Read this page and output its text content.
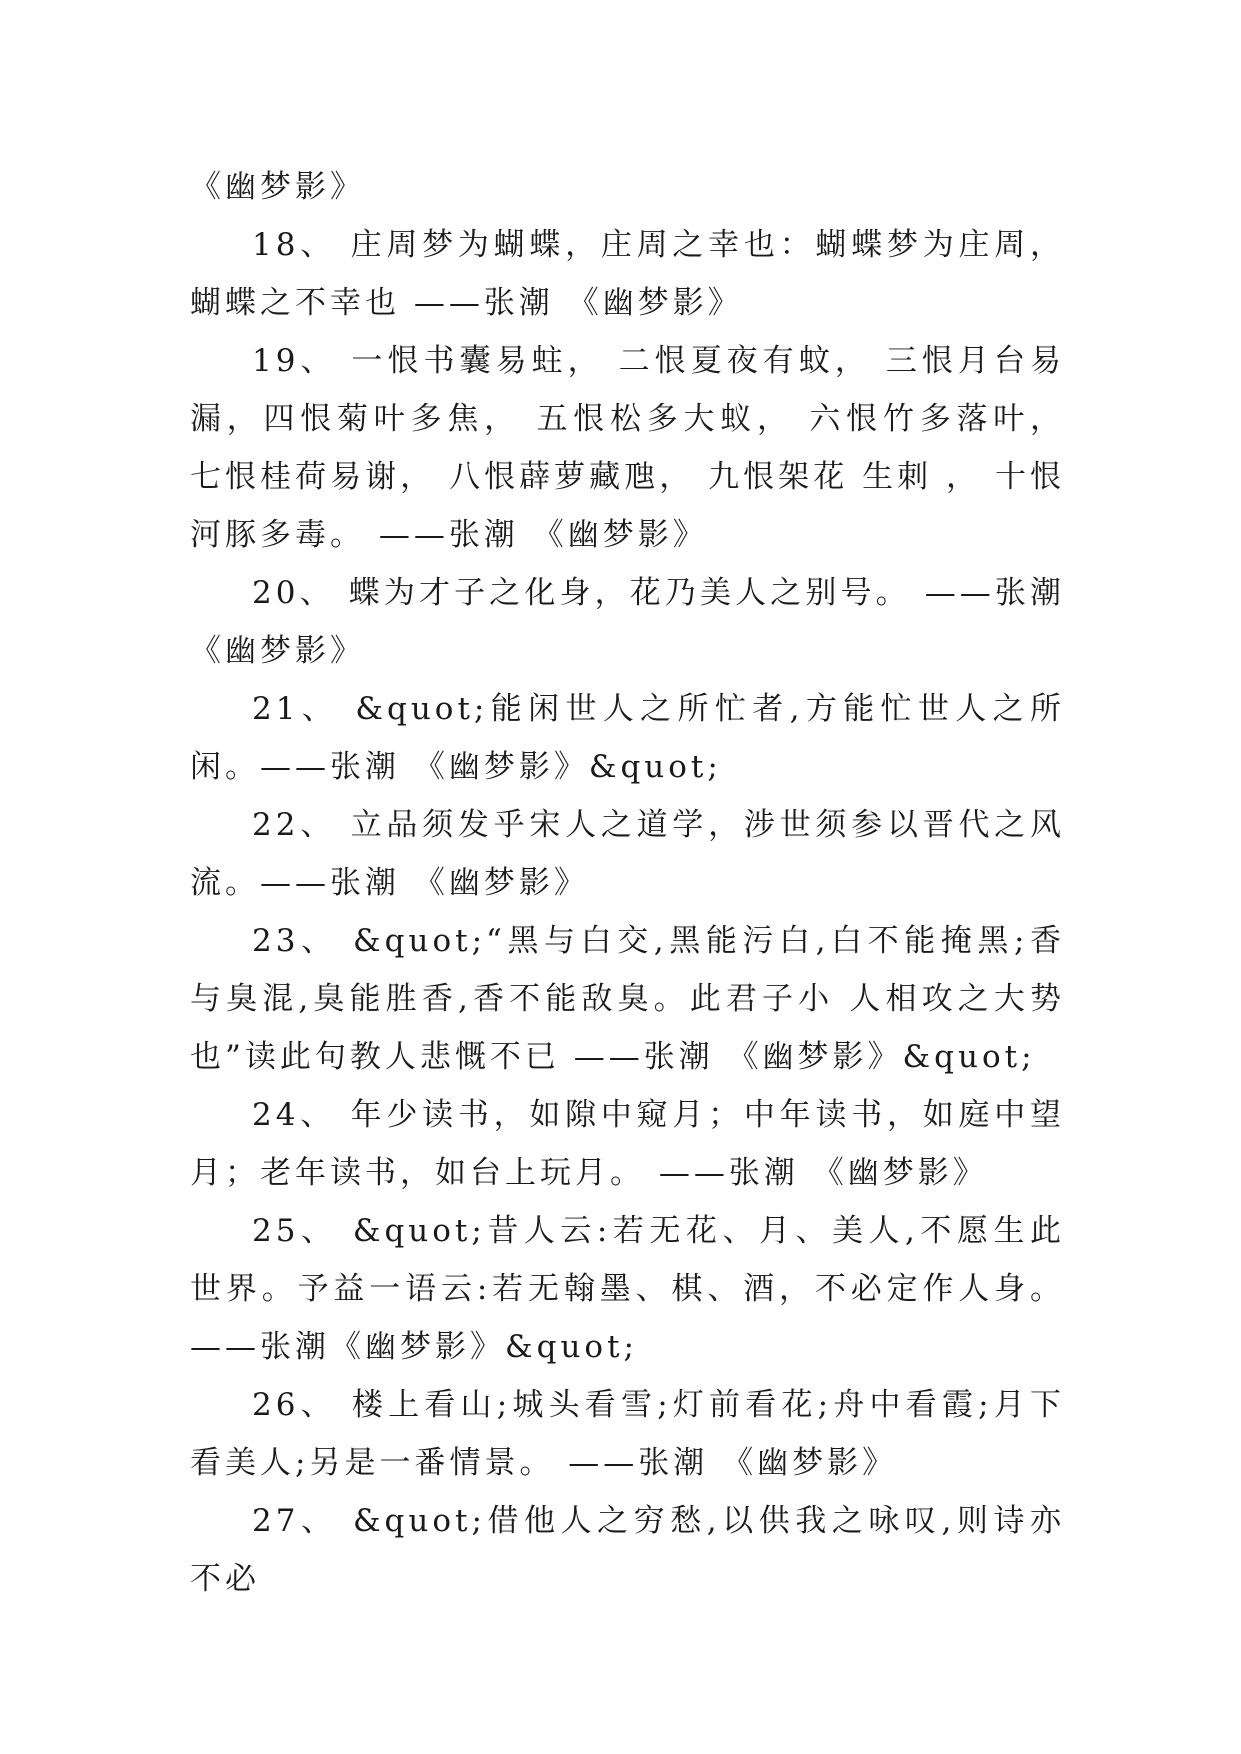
《幽梦影》

18、 庄周梦为蝴蝶，庄周之幸也：蝴蝶梦为庄周，蝴蝶之不幸也 ——张潮 《幽梦影》

19、 一恨书囊易蛀， 二恨夏夜有蚊， 三恨月台易漏，四恨菊叶多焦， 五恨松多大蚁， 六恨竹多落叶， 七恨桂荷易谢， 八恨薜萝藏虺， 九恨架花 生刺 ， 十恨河豚多毒。 ——张潮 《幽梦影》

20、 蝶为才子之化身，花乃美人之别号。 ——张潮《幽梦影》

21、 &quot;能闲世人之所忙者,方能忙世人之所闲。——张潮 《幽梦影》&quot;

22、 立品须发乎宋人之道学，涉世须参以晋代之风流。——张潮 《幽梦影》

23、 &quot;“黑与白交,黑能污白,白不能掩黑;香与臭混,臭能胜香,香不能敌臭。此君子小 人相攻之大势也”读此句教人悲慨不已 ——张潮 《幽梦影》&quot;

24、 年少读书，如隙中窥月；中年读书，如庭中望月；老年读书，如台上玩月。 ——张潮 《幽梦影》

25、 &quot;昔人云:若无花、月、美人,不愿生此世界。予益一语云:若无翰墨、棋、酒，不必定作人身。 ——张潮《幽梦影》&quot;

26、 楼上看山;城头看雪;灯前看花;舟中看霞;月下看美人;另是一番情景。 ——张潮 《幽梦影》

27、 &quot;借他人之穷愁,以供我之咏叹,则诗亦不必
